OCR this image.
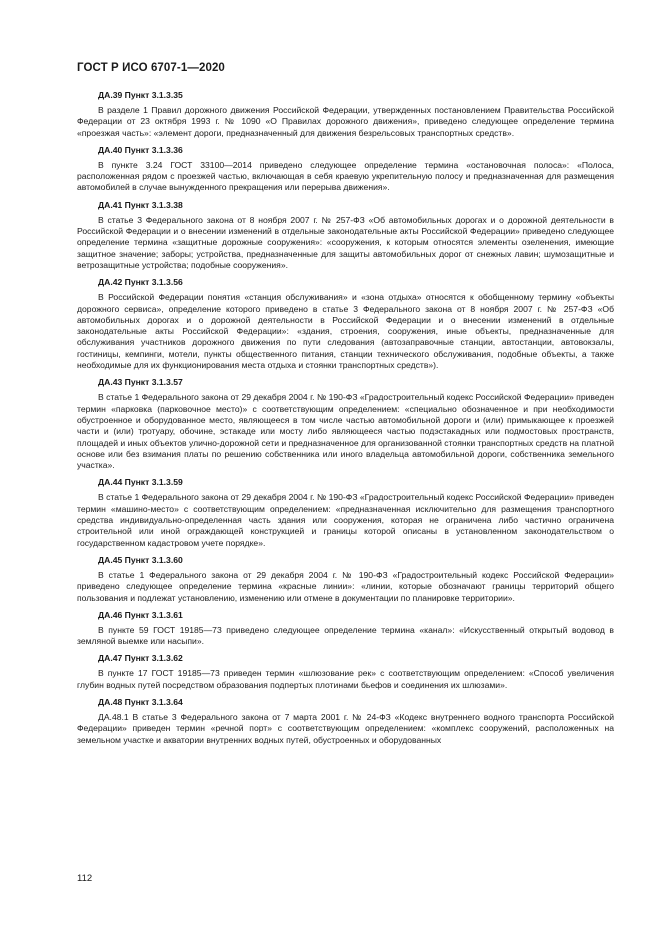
ГОСТ Р ИСО 6707-1—2020
ДА.39 Пункт 3.1.3.35

В разделе 1 Правил дорожного движения Российской Федерации, утвержденных постановлением Правительства Российской Федерации от 23 октября 1993 г. № 1090 «О Правилах дорожного движения», приведено следующее определение термина «проезжая часть»: «элемент дороги, предназначенный для движения безрельсовых транспортных средств».

ДА.40 Пункт 3.1.3.36

В пункте 3.24 ГОСТ 33100—2014 приведено следующее определение термина «остановочная полоса»: «Полоса, расположенная рядом с проезжей частью, включающая в себя краевую укрепительную полосу и предназначенная для размещения автомобилей в случае вынужденного прекращения или перерыва движения».

ДА.41 Пункт 3.1.3.38

В статье 3 Федерального закона от 8 ноября 2007 г. № 257-ФЗ «Об автомобильных дорогах и о дорожной деятельности в Российской Федерации и о внесении изменений в отдельные законодательные акты Российской Федерации» приведено следующее определение термина «защитные дорожные сооружения»: «сооружения, к которым относятся элементы озеленения, имеющие защитное значение; заборы; устройства, предназначенные для защиты автомобильных дорог от снежных лавин; шумозащитные и ветрозащитные устройства; подобные сооружения».

ДА.42 Пункт 3.1.3.56

В Российской Федерации понятия «станция обслуживания» и «зона отдыха» относятся к обобщенному термину «объекты дорожного сервиса», определение которого приведено в статье 3 Федерального закона от 8 ноября 2007 г. № 257-ФЗ «Об автомобильных дорогах и о дорожной деятельности в Российской Федерации и о внесении изменений в отдельные законодательные акты Российской Федерации»: «здания, строения, сооружения, иные объекты, предназначенные для обслуживания участников дорожного движения по пути следования (автозаправочные станции, автостанции, автовокзалы, гостиницы, кемпинги, мотели, пункты общественного питания, станции технического обслуживания, подобные объекты, а также необходимые для их функционирования места отдыха и стоянки транспортных средств»).

ДА.43 Пункт 3.1.3.57

В статье 1 Федерального закона от 29 декабря 2004 г. № 190-ФЗ «Градостроительный кодекс Российской Федерации» приведен термин «парковка (парковочное место)» с соответствующим определением: «специально обозначенное и при необходимости обустроенное и оборудованное место, являющееся в том числе частью автомобильной дороги и (или) примыкающее к проезжей части и (или) тротуару, обочине, эстакаде или мосту либо являющееся частью подэстакадных или подмостовых пространств, площадей и иных объектов улично-дорожной сети и предназначенное для организованной стоянки транспортных средств на платной основе или без взимания платы по решению собственника или иного владельца автомобильной дороги, собственника земельного участка».

ДА.44 Пункт 3.1.3.59

В статье 1 Федерального закона от 29 декабря 2004 г. № 190-ФЗ «Градостроительный кодекс Российской Федерации» приведен термин «машино-место» с соответствующим определением: «предназначенная исключительно для размещения транспортного средства индивидуально-определенная часть здания или сооружения, которая не ограничена либо частично ограничена строительной или иной ограждающей конструкцией и границы которой описаны в установленном законодательством о государственном кадастровом учете порядке».

ДА.45 Пункт 3.1.3.60

В статье 1 Федерального закона от 29 декабря 2004 г. № 190-ФЗ «Градостроительный кодекс Российской Федерации» приведено следующее определение термина «красные линии»: «линии, которые обозначают границы территорий общего пользования и подлежат установлению, изменению или отмене в документации по планировке территории».

ДА.46 Пункт 3.1.3.61

В пункте 59 ГОСТ 19185—73 приведено следующее определение термина «канал»: «Искусственный открытый водовод в земляной выемке или насыпи».

ДА.47 Пункт 3.1.3.62

В пункте 17 ГОСТ 19185—73 приведен термин «шлюзование рек» с соответствующим определением: «Способ увеличения глубин водных путей посредством образования подпертых плотинами бьефов и соединения их шлюзами».

ДА.48 Пункт 3.1.3.64

ДА.48.1 В статье 3 Федерального закона от 7 марта 2001 г. № 24-ФЗ «Кодекс внутреннего водного транспорта Российской Федерации» приведен термин «речной порт» с соответствующим определением: «комплекс сооружений, расположенных на земельном участке и акватории внутренних водных путей, обустроенных и оборудованных

112
